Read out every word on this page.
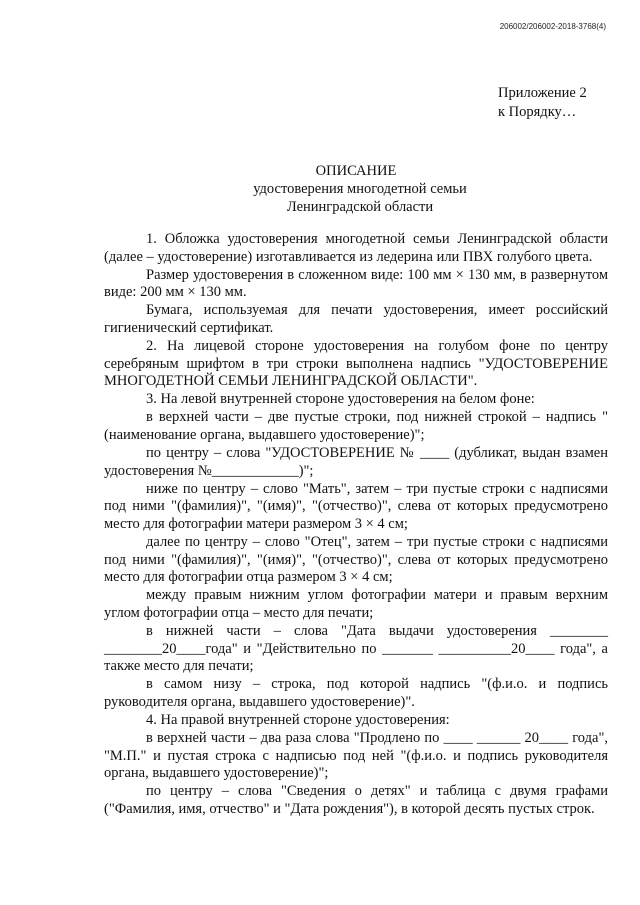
206002/206002-2018-3768(4)
Приложение 2
к Порядку…
ОПИСАНИЕ
удостоверения многодетной семьи
Ленинградской области

1. Обложка удостоверения многодетной семьи Ленинградской области (далее – удостоверение) изготавливается из ледерина или ПВХ голубого цвета.

Размер удостоверения в сложенном виде: 100 мм × 130 мм, в развернутом виде: 200 мм × 130 мм.

Бумага, используемая для печати удостоверения, имеет российский гигиенический сертификат.

2. На лицевой стороне удостоверения на голубом фоне по центру серебряным шрифтом в три строки выполнена надпись "УДОСТОВЕРЕНИЕ МНОГОДЕТНОЙ СЕМЬИ ЛЕНИНГРАДСКОЙ ОБЛАСТИ".

3. На левой внутренней стороне удостоверения на белом фоне:

в верхней части – две пустые строки, под нижней строкой – надпись "(наименование органа, выдавшего удостоверение)";

по центру – слова "УДОСТОВЕРЕНИЕ № ____ (дубликат, выдан взамен удостоверения №____________)";

ниже по центру – слово "Мать", затем – три пустые строки с надписями под ними "(фамилия)", "(имя)", "(отчество)", слева от которых предусмотрено место для фотографии матери размером 3 × 4 см;

далее по центру – слово "Отец", затем – три пустые строки с надписями под ними "(фамилия)", "(имя)", "(отчество)", слева от которых предусмотрено место для фотографии отца размером 3 × 4 см;

между правым нижним углом фотографии матери и правым верхним углом фотографии отца – место для печати;

в нижней части – слова "Дата выдачи удостоверения ________ ________20____года" и "Действительно по _______ __________20____ года", а также место для печати;

в самом низу – строка, под которой надпись "(ф.и.о. и подпись руководителя органа, выдавшего удостоверение)".

4. На правой внутренней стороне удостоверения:

в верхней части – два раза слова "Продлено по ____ ______ 20____ года", "М.П." и пустая строка с надписью под ней "(ф.и.о. и подпись руководителя органа, выдавшего удостоверение)";

по центру – слова "Сведения о детях" и таблица с двумя графами ("Фамилия, имя, отчество" и "Дата рождения"), в которой десять пустых строк.
